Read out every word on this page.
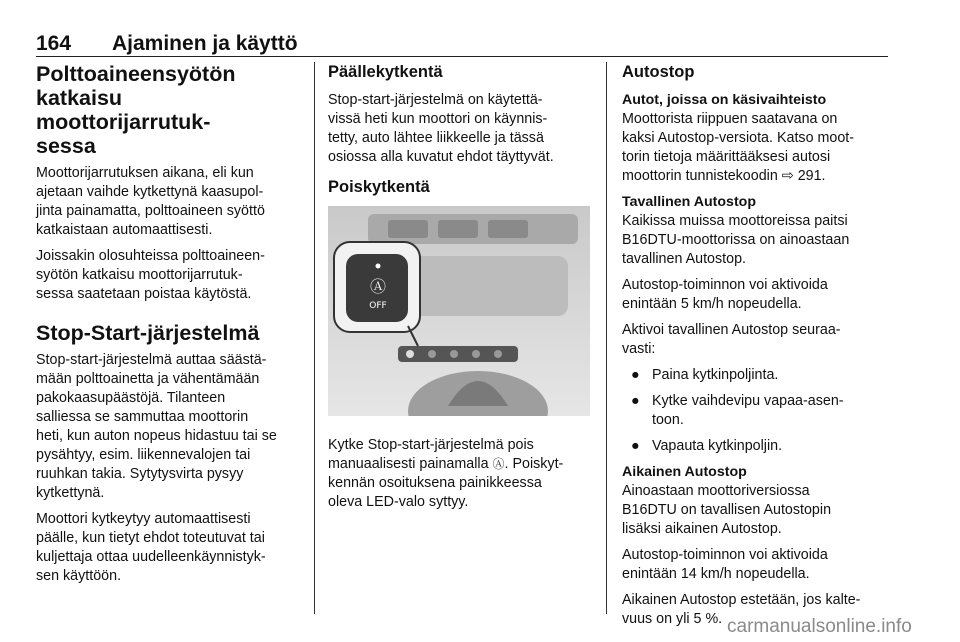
164 Ajaminen ja käyttö
Polttoaineensyötön
katkaisu moottorijarrutuk-
sessa

Moottorijarrutuksen aikana, eli kun
ajetaan vaihde kytkettynä kaasupol-
jinta painamatta, polttoaineen syöttö
katkaistaan automaattisesti.

Joissakin olosuhteissa polttoaineen-
syötön katkaisu moottorijarrutuk-
sessa saatetaan poistaa käytöstä.

Stop-Start-järjestelmä

Stop-start-järjestelmä auttaa säästä-
mään polttoainetta ja vähentämään
pakokaasupäästöjä. Tilanteen
salliessa se sammuttaa moottorin
heti, kun auton nopeus hidastuu tai se
pysähtyy, esim. liikennevalojen tai
ruuhkan takia. Sytytysvirta pysyy
kytkettynä.

Moottori kytkeytyy automaattisesti
päälle, kun tietyt ehdot toteutuvat tai
kuljettaja ottaa uudelleenkäynnistyk-
sen käyttöön.

Päällekytkentä

Stop-start-järjestelmä on käytettä-
vissä heti kun moottori on käynnis-
tetty, auto lähtee liikkeelle ja tässä
osiossa alla kuvatut ehdot täyttyvät.

Poiskytkentä
Ⓐ
OFF

Kytke Stop-start-järjestelmä pois
manuaalisesti painamalla Ⓐ. Poiskyt-
kennän osoituksena painikkeessa
oleva LED-valo syttyy.

Autostop
Autot, joissa on käsivaihteisto

Moottorista riippuen saatavana on
kaksi Autostop-versiota. Katso moot-
torin tietoja määrittääksesi autosi
moottorin tunnistekoodin ⇨ 291.

Tavallinen Autostop

Kaikissa muissa moottoreissa paitsi
B16DTU-moottorissa on ainoastaan
tavallinen Autostop.

Autostop-toiminnon voi aktivoida
enintään 5 km/h nopeudella.

Aktivoi tavallinen Autostop seuraa-
vasti:

● Paina kytkinpoljinta.
● Kytke vaihdevipu vapaa-asen-
toon.
● Vapauta kytkinpoljin.
Aikainen Autostop

Ainoastaan moottoriversiossa
B16DTU on tavallisen Autostopin
lisäksi aikainen Autostop.

Autostop-toiminnon voi aktivoida
enintään 14 km/h nopeudella.

Aikainen Autostop estetään, jos kalte-
vuus on yli 5 %. carmanualsonline.info
